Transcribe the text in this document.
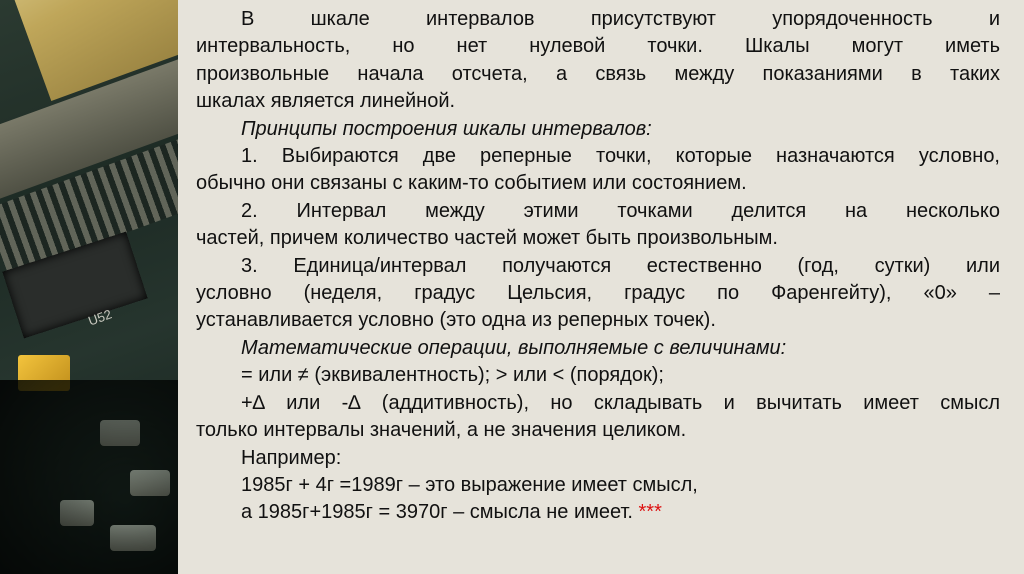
U52

В шкале интервалов присутствуют упорядоченность и

интервальность, но нет нулевой точки. Шкалы могут иметь

произвольные начала отсчета, а связь между показаниями в таких

шкалах является линейной.

Принципы построения шкалы интервалов:

1. Выбираются две реперные точки, которые назначаются условно,

обычно они связаны с каким-то событием или состоянием.

2. Интервал между этими точками делится на несколько

частей, причем количество частей может быть произвольным.

3. Единица/интервал получаются естественно (год, сутки) или

условно (неделя, градус Цельсия, градус по Фаренгейту), «0» –

устанавливается условно (это одна из реперных точек).

Математические операции, выполняемые с величинами:

= или ≠ (эквивалентность); > или < (порядок);

+∆ или -∆ (аддитивность), но складывать и вычитать имеет смысл

только интервалы значений, а не значения целиком.

Например:

1985г + 4г =1989г – это выражение имеет смысл,

а 1985г+1985г = 3970г – смысла не имеет. ***
